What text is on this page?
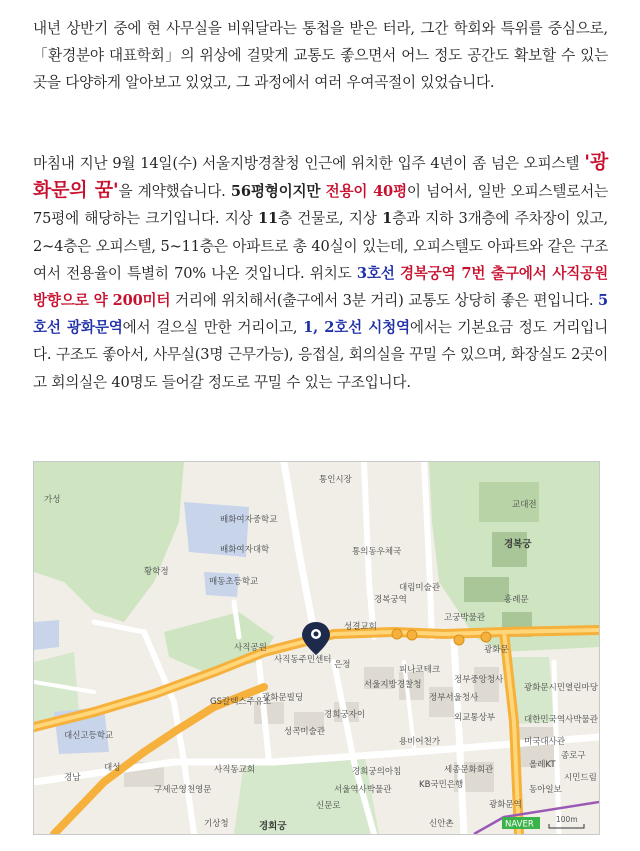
내년 상반기 중에 현 사무실을 비워달라는 통첩을 받은 터라, 그간 학회와 특위를 중심으로, 「환경분야 대표학회」의 위상에 걸맞게 교통도 좋으면서 어느 정도 공간도 확보할 수 있는 곳을 다양하게 알아보고 있었고, 그 과정에서 여러 우여곡절이 있었습니다.
마침내 지난 9월 14일(수) 서울지방경찰청 인근에 위치한 입주 4년이 좀 넘은 오피스텔 '광화문의 꿈'을 계약했습니다. 56평형이지만 전용이 40평이 넘어서, 일반 오피스텔로서는 75평에 해당하는 크기입니다. 지상 11층 건물로, 지상 1층과 지하 3개층에 주차장이 있고, 2~4층은 오피스텔, 5~11층은 아파트로 총 40실이 있는데, 오피스텔도 아파트와 같은 구조여서 전용율이 특별히 70% 나온 것입니다. 위치도 3호선 경복궁역 7번 출구에서 사직공원 방향으로 약 200미터 거리에 위치해서(출구에서 3분 거리) 교통도 상당히 좋은 편입니다. 5호선 광화문역에서 걸으실 만한 거리이고, 1, 2호선 시청역에서는 기본요금 정도 거리입니다. 구조도 좋아서, 사무실(3명 근무가능), 응접실, 회의실을 꾸밀 수 있으며, 화장실도 2곳이고 회의실은 40명도 들어갈 정도로 꾸밀 수 있는 구조입니다.
통인시장
배화여자중학교
배화여자대학	경복궁
교대전
통의동우체국
대림미술관
고궁박물관
흥례문
매동초등학교
황학정
사직공원
사직동주민센터 은정
성결교회
피나코테크
서울지방경찰청	정부중앙청사
광화문
세종문화회관
외교통상부	대한민국역사박물관
미국대사관
광화문시민열린마당
용비어천가
KB국민은행
경희궁의아침
경희궁
신문로
GS칼텍스주유소
광화문빌딩
대성	사직동교회
경희궁자이
대신고등학교	성곡미술관
경남
구세군영천영문
기상청
종로구
올레KT
신안촌
시민드림
동아일보
정부서울청사
광화문역
가성
경복궁역
서울역사박물관
NAVER	100m
